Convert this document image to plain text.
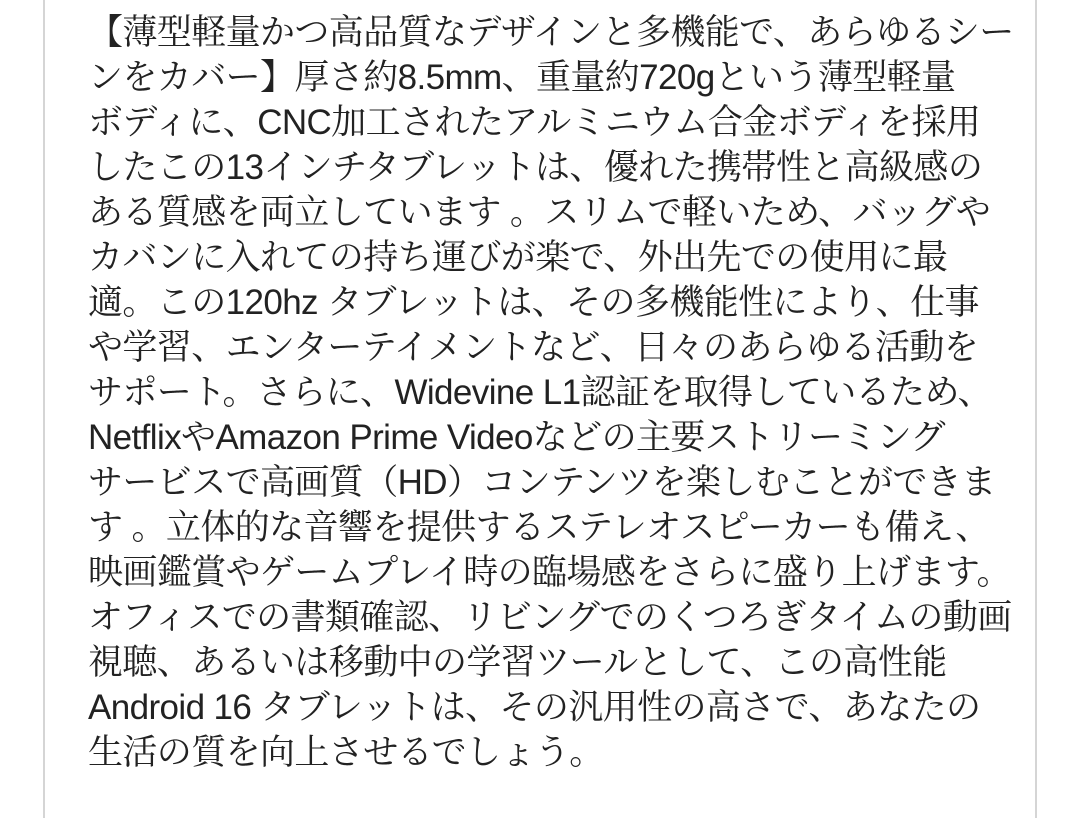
【薄型軽量かつ高品質なデザインと多機能で、あらゆるシー
ンをカバー】厚さ約8.5mm、重量約720gという薄型軽量
ボディに、CNC加工されたアルミニウム合金ボディを採用
したこの13インチタブレットは、優れた携帯性と高級感の
ある質感を両立しています 。スリムで軽いため、バッグや
カバンに入れての持ち運びが楽で、外出先での使用に最
適。この120hz タブレットは、その多機能性により、仕事
や学習、エンターテイメントなど、日々のあらゆる活動を
サポート。さらに、Widevine L1認証を取得しているため、
NetflixやAmazon Prime Videoなどの主要ストリーミング
サービスで高画質（HD）コンテンツを楽しむことができま
す 。立体的な音響を提供するステレオスピーカーも備え、
映画鑑賞やゲームプレイ時の臨場感をさらに盛り上げます。
オフィスでの書類確認、リビングでのくつろぎタイムの動画
視聴、あるいは移動中の学習ツールとして、この高性能
Android 16 タブレットは、その汎用性の高さで、あなたの
生活の質を向上させるでしょう。
